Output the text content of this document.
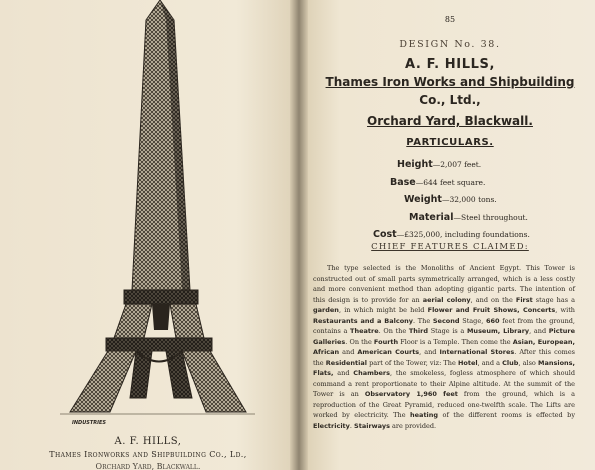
INDUSTRIES
A. F. HILLS,
Thames Ironworks and Shipbuilding Co., Ld.,
Orchard Yard, Blackwall.
85
DESIGN No. 38.
A. F. HILLS,
Thames Iron Works and Shipbuilding
Co., Ltd.,
Orchard Yard, Blackwall.
PARTICULARS.
Height—2,007 feet.
Base—644 feet square.
Weight—32,000 tons.
Material—Steel throughout.
Cost—£325,000, including foundations.
CHIEF FEATURES CLAIMED:

The type selected is the Monoliths of Ancient Egypt. This Tower is constructed out of small parts symmetrically arranged, which is a less costly and more convenient method than adopting gigantic parts. The intention of this design is to provide for an aerial colony, and on the First stage has a garden, in which might be held Flower and Fruit Shows, Concerts, with Restaurants and a Balcony. The Second Stage, 660 feet from the ground, contains a Theatre. On the Third Stage is a Museum, Library, and Picture Galleries. On the Fourth Floor is a Temple. Then come the Asian, European, African and American Courts, and International Stores. After this comes the Residential part of the Tower, viz: The Hotel, and a Club, also Mansions, Flats, and Chambers, the smokeless, fogless atmosphere of which should command a rent proportionate to their Alpine altitude. At the summit of the Tower is an Observatory 1,960 feet from the ground, which is a reproduction of the Great Pyramid, reduced one-twelfth scale. The Lifts are worked by electricity. The heating of the different rooms is effected by Electricity. Stairways are provided.
